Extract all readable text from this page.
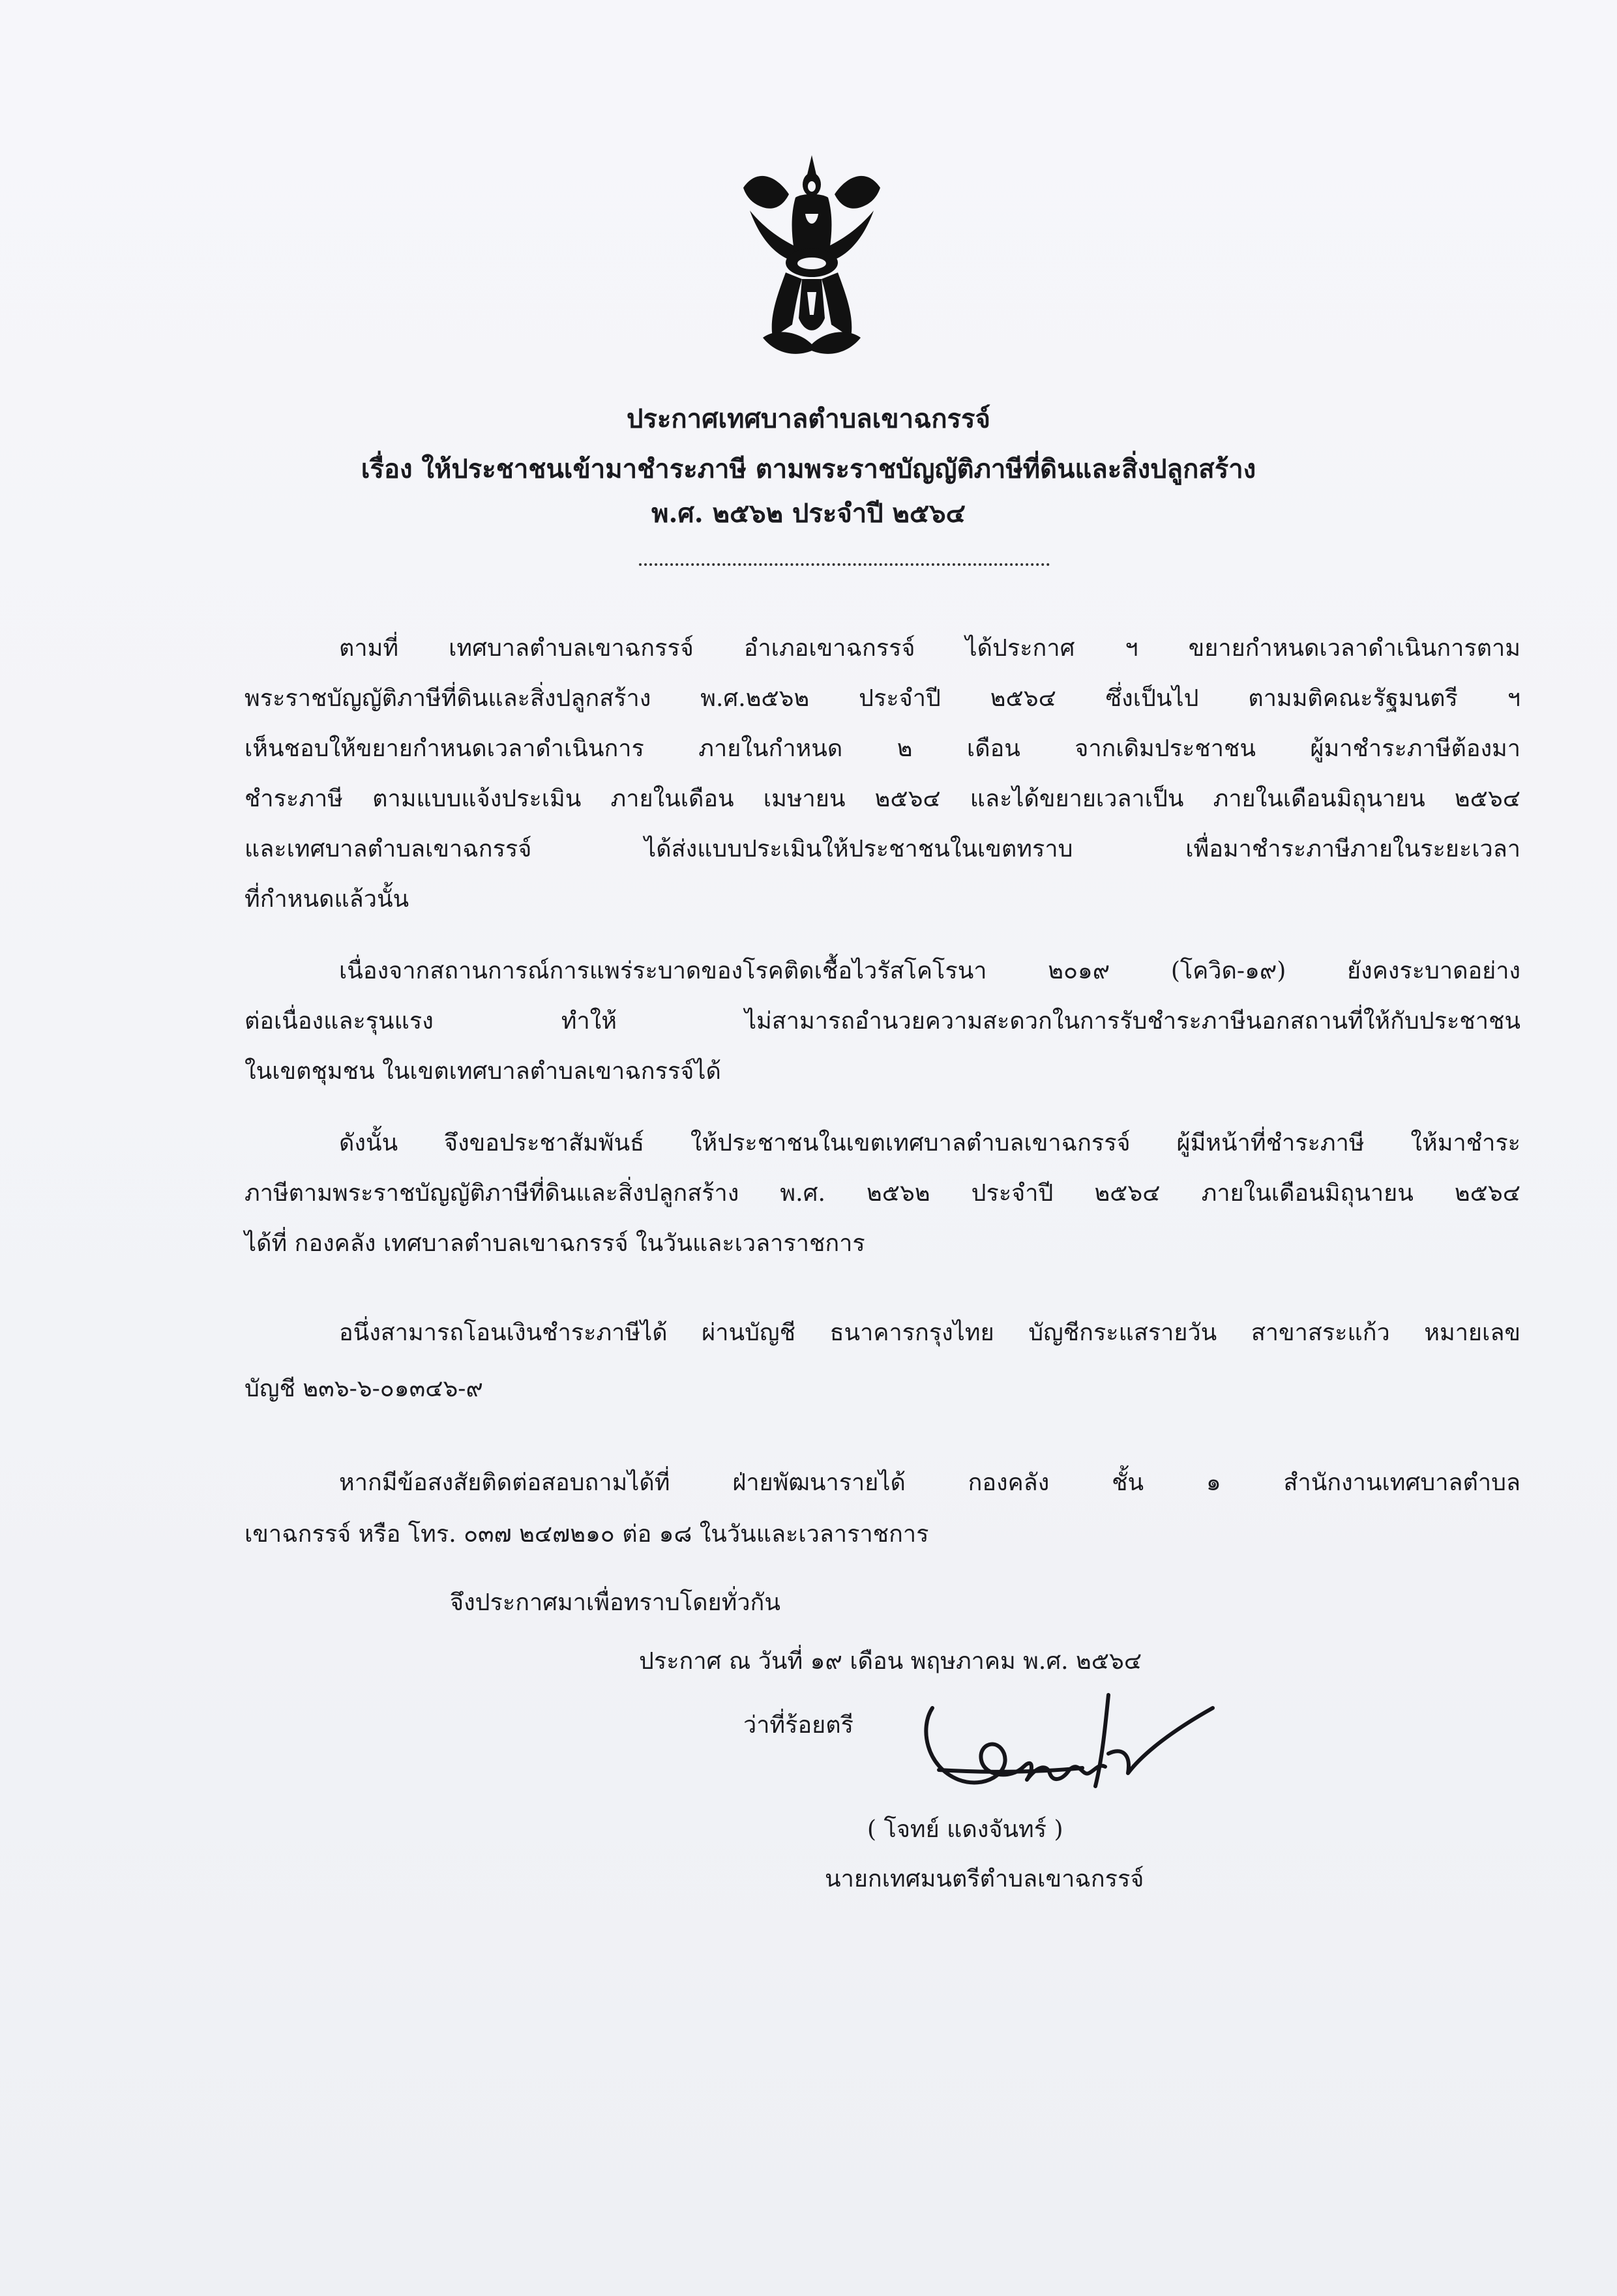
ประกาศเทศบาลตำบลเขาฉกรรจ์
เรื่อง ให้ประชาชนเข้ามาชำระภาษี ตามพระราชบัญญัติภาษีที่ดินและสิ่งปลูกสร้าง
พ.ศ. ๒๕๖๒ ประจำปี ๒๕๖๔
ตามที่ เทศบาลตำบลเขาฉกรรจ์ อำเภอเขาฉกรรจ์ ได้ประกาศ ฯ ขยายกำหนดเวลาดำเนินการตาม
พระราชบัญญัติภาษีที่ดินและสิ่งปลูกสร้าง พ.ศ.๒๕๖๒ ประจำปี ๒๕๖๔ ซึ่งเป็นไป ตามมติคณะรัฐมนตรี ฯ
เห็นชอบให้ขยายกำหนดเวลาดำเนินการ ภายในกำหนด ๒ เดือน จากเดิมประชาชน ผู้มาชำระภาษีต้องมา
ชำระภาษี ตามแบบแจ้งประเมิน ภายในเดือน เมษายน ๒๕๖๔ และได้ขยายเวลาเป็น ภายในเดือนมิถุนายน ๒๕๖๔
และเทศบาลตำบลเขาฉกรรจ์ ได้ส่งแบบประเมินให้ประชาชนในเขตทราบ เพื่อมาชำระภาษีภายในระยะเวลา
ที่กำหนดแล้วนั้น
เนื่องจากสถานการณ์การแพร่ระบาดของโรคติดเชื้อไวรัสโคโรนา ๒๐๑๙ (โควิด-๑๙) ยังคงระบาดอย่าง
ต่อเนื่องและรุนแรง ทำให้ ไม่สามารถอำนวยความสะดวกในการรับชำระภาษีนอกสถานที่ให้กับประชาชน
ในเขตชุมชน ในเขตเทศบาลตำบลเขาฉกรรจ์ได้
ดังนั้น จึงขอประชาสัมพันธ์ ให้ประชาชนในเขตเทศบาลตำบลเขาฉกรรจ์ ผู้มีหน้าที่ชำระภาษี ให้มาชำระ
ภาษีตามพระราชบัญญัติภาษีที่ดินและสิ่งปลูกสร้าง พ.ศ. ๒๕๖๒ ประจำปี ๒๕๖๔ ภายในเดือนมิถุนายน ๒๕๖๔
ได้ที่ กองคลัง เทศบาลตำบลเขาฉกรรจ์ ในวันและเวลาราชการ
อนึ่งสามารถโอนเงินชำระภาษีได้ ผ่านบัญชี ธนาคารกรุงไทย บัญชีกระแสรายวัน สาขาสระแก้ว หมายเลข
บัญชี ๒๓๖-๖-๐๑๓๔๖-๙
หากมีข้อสงสัยติดต่อสอบถามได้ที่ ฝ่ายพัฒนารายได้ กองคลัง ชั้น ๑ สำนักงานเทศบาลตำบล
เขาฉกรรจ์ หรือ โทร. ๐๓๗ ๒๔๗๒๑๐ ต่อ ๑๘ ในวันและเวลาราชการ
จึงประกาศมาเพื่อทราบโดยทั่วกัน
ประกาศ ณ วันที่ ๑๙ เดือน พฤษภาคม พ.ศ. ๒๕๖๔
ว่าที่ร้อยตรี
( โจทย์ แดงจันทร์ )
นายกเทศมนตรีตำบลเขาฉกรรจ์
